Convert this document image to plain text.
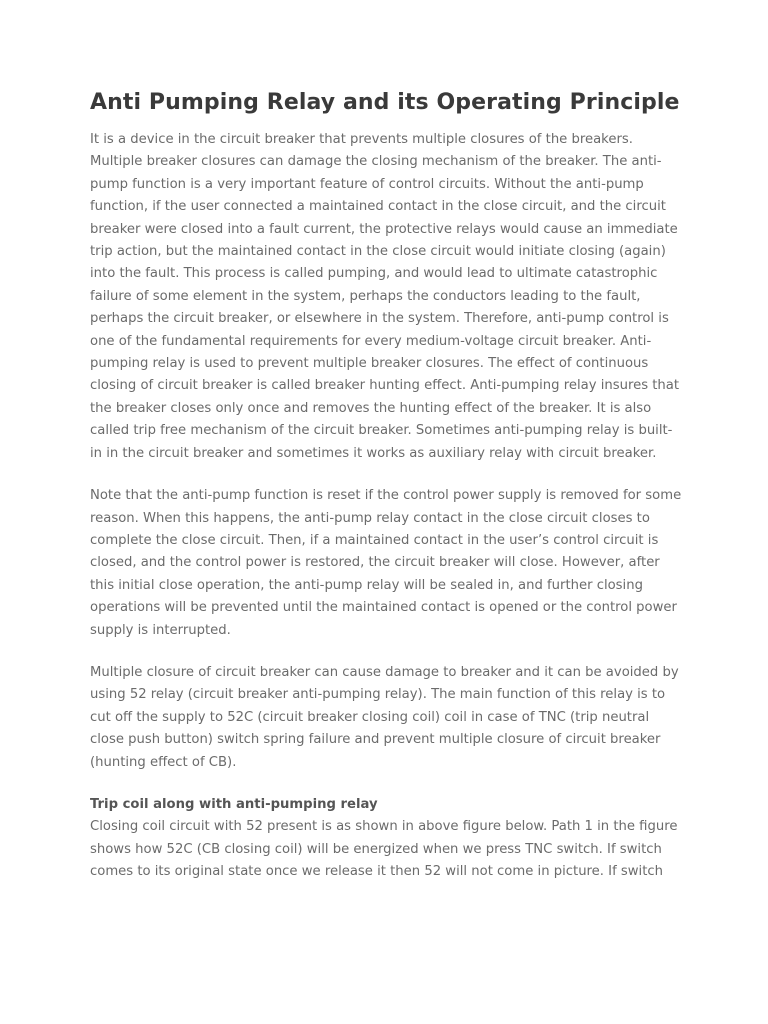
Anti Pumping Relay and its Operating Principle

It is a device in the circuit breaker that prevents multiple closures of the breakers. Multiple breaker closures can damage the closing mechanism of the breaker. The anti-pump function is a very important feature of control circuits. Without the anti-pump function, if the user connected a maintained contact in the close circuit, and the circuit breaker were closed into a fault current, the protective relays would cause an immediate trip action, but the maintained contact in the close circuit would initiate closing (again) into the fault. This process is called pumping, and would lead to ultimate catastrophic failure of some element in the system, perhaps the conductors leading to the fault, perhaps the circuit breaker, or elsewhere in the system. Therefore, anti-pump control is one of the fundamental requirements for every medium-voltage circuit breaker. Anti-pumping relay is used to prevent multiple breaker closures. The effect of continuous closing of circuit breaker is called breaker hunting effect. Anti-pumping relay insures that the breaker closes only once and removes the hunting effect of the breaker. It is also called trip free mechanism of the circuit breaker. Sometimes anti-pumping relay is built-in in the circuit breaker and sometimes it works as auxiliary relay with circuit breaker.

Note that the anti-pump function is reset if the control power supply is removed for some reason. When this happens, the anti-pump relay contact in the close circuit closes to complete the close circuit. Then, if a maintained contact in the user’s control circuit is closed, and the control power is restored, the circuit breaker will close. However, after this initial close operation, the anti-pump relay will be sealed in, and further closing operations will be prevented until the maintained contact is opened or the control power supply is interrupted.

Multiple closure of circuit breaker can cause damage to breaker and it can be avoided by using 52 relay (circuit breaker anti-pumping relay). The main function of this relay is to cut off the supply to 52C (circuit breaker closing coil) coil in case of TNC (trip neutral close push button) switch spring failure and prevent multiple closure of circuit breaker (hunting effect of CB).

Trip coil along with anti-pumping relay

Closing coil circuit with 52 present is as shown in above figure below. Path 1 in the figure shows how 52C (CB closing coil) will be energized when we press TNC switch. If switch comes to its original state once we release it then 52 will not come in picture. If switch
